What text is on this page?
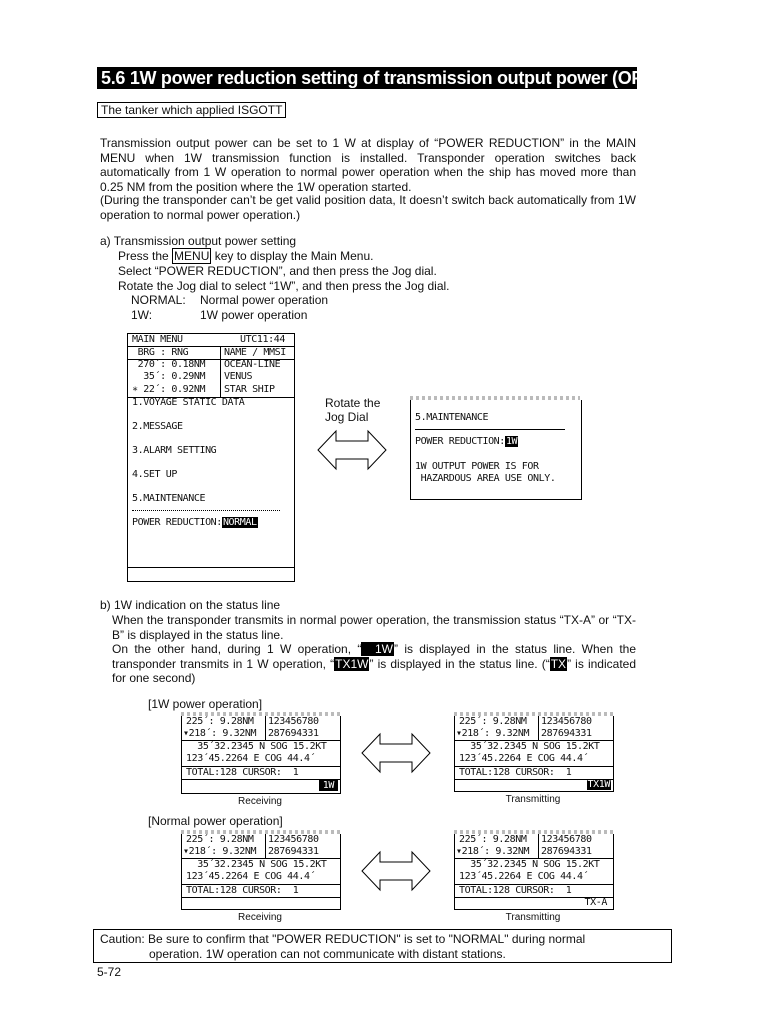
5.6 1W power reduction setting of transmission output power (OPTION)
The tanker which applied ISGOTT
Transmission output power can be set to 1 W at display of “POWER REDUCTION” in the MAIN MENU when 1W transmission function is installed. Transponder operation switches back automatically from 1 W operation to normal power operation when the ship has moved more than 0.25 NM from the position where the 1W operation started.
(During the transponder can’t be get valid position data, It doesn’t switch back automatically from 1W operation to normal power operation.)
a) Transmission output power setting
Press the MENU key to display the Main Menu.
Select “POWER REDUCTION”, and then press the Jog dial.
Rotate the Jog dial to select “1W”, and then press the Jog dial.
NORMAL: Normal power operation
1W:	1W power operation
MAIN MENU	UTC11:44
BRG : RNG	NAME / MMSI
270´: 0.18NM OCEAN-LINE
35´: 0.29NM VENUS
∗ 22´: 0.92NM STAR SHIP
1.VOYAGE STATIC DATA
2.MESSAGE
3.ALARM SETTING
4.SET UP
5.MAINTENANCE
POWER REDUCTION:NORMAL
Rotate the
Jog Dial	5.MAINTENANCE
POWER REDUCTION:1W
1W OUTPUT POWER IS FOR
HAZARDOUS AREA USE ONLY.
b) 1W indication on the status line
When the transponder transmits in normal power operation, the transmission status “TX-A” or “TX-B” is displayed in the status line.
On the other hand, during 1 W operation, “  1W” is displayed in the status line. When the transponder transmits in 1 W operation, “TX1W” is displayed in the status line. (“TX” is indicated for one second)
[1W power operation]
225´: 9.28NM 123456780
▾218´: 9.32NM 287694331
35´32.2345 N SOG 15.2KT
123´45.2264 E COG 44.4´
TOTAL:128 CURSOR:  1
1W
Receiving
225´: 9.28NM 123456780
▾218´: 9.32NM 287694331
35´32.2345 N SOG 15.2KT
123´45.2264 E COG 44.4´
TOTAL:128 CURSOR:  1
TX1W
Transmitting
[Normal power operation]
225´: 9.28NM 123456780
▾218´: 9.32NM 287694331
35´32.2345 N SOG 15.2KT
123´45.2264 E COG 44.4´
TOTAL:128 CURSOR:  1
Receiving
225´: 9.28NM 123456780
▾218´: 9.32NM 287694331
35´32.2345 N SOG 15.2KT
123´45.2264 E COG 44.4´
TOTAL:128 CURSOR:  1
TX-A
Transmitting
Caution: Be sure to confirm that "POWER REDUCTION" is set to "NORMAL" during normal
operation. 1W operation can not communicate with distant stations.
5-72
